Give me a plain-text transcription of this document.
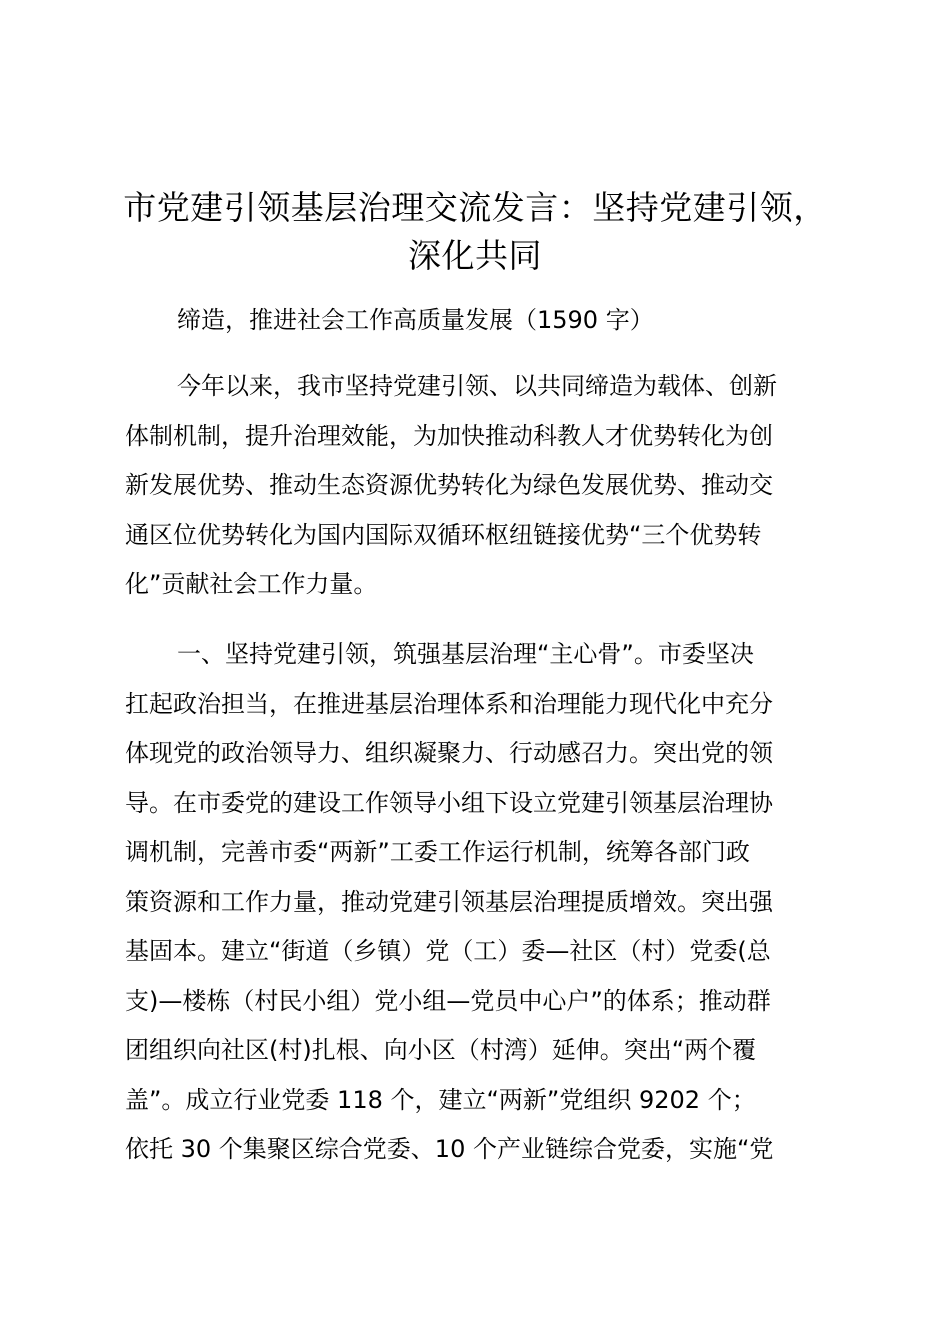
市党建引领基层治理交流发言：坚持党建引领，
深化共同

缔造，推进社会工作高质量发展（1590 字）

今年以来，我市坚持党建引领、以共同缔造为载体、创新
体制机制，提升治理效能，为加快推动科教人才优势转化为创
新发展优势、推动生态资源优势转化为绿色发展优势、推动交
通区位优势转化为国内国际双循环枢纽链接优势“三个优势转
化”贡献社会工作力量。
一、坚持党建引领，筑强基层治理“主心骨”。市委坚决
扛起政治担当，在推进基层治理体系和治理能力现代化中充分
体现党的政治领导力、组织凝聚力、行动感召力。突出党的领
导。在市委党的建设工作领导小组下设立党建引领基层治理协
调机制，完善市委“两新”工委工作运行机制，统筹各部门政
策资源和工作力量，推动党建引领基层治理提质增效。突出强
基固本。建立“街道（乡镇）党（工）委—社区（村）党委(总
支)—楼栋（村民小组）党小组—党员中心户”的体系；推动群
团组织向社区(村)扎根、向小区（村湾）延伸。突出“两个覆
盖”。成立行业党委 118 个，建立“两新”党组织 9202 个；
依托 30 个集聚区综合党委、10 个产业链综合党委，实施“党
